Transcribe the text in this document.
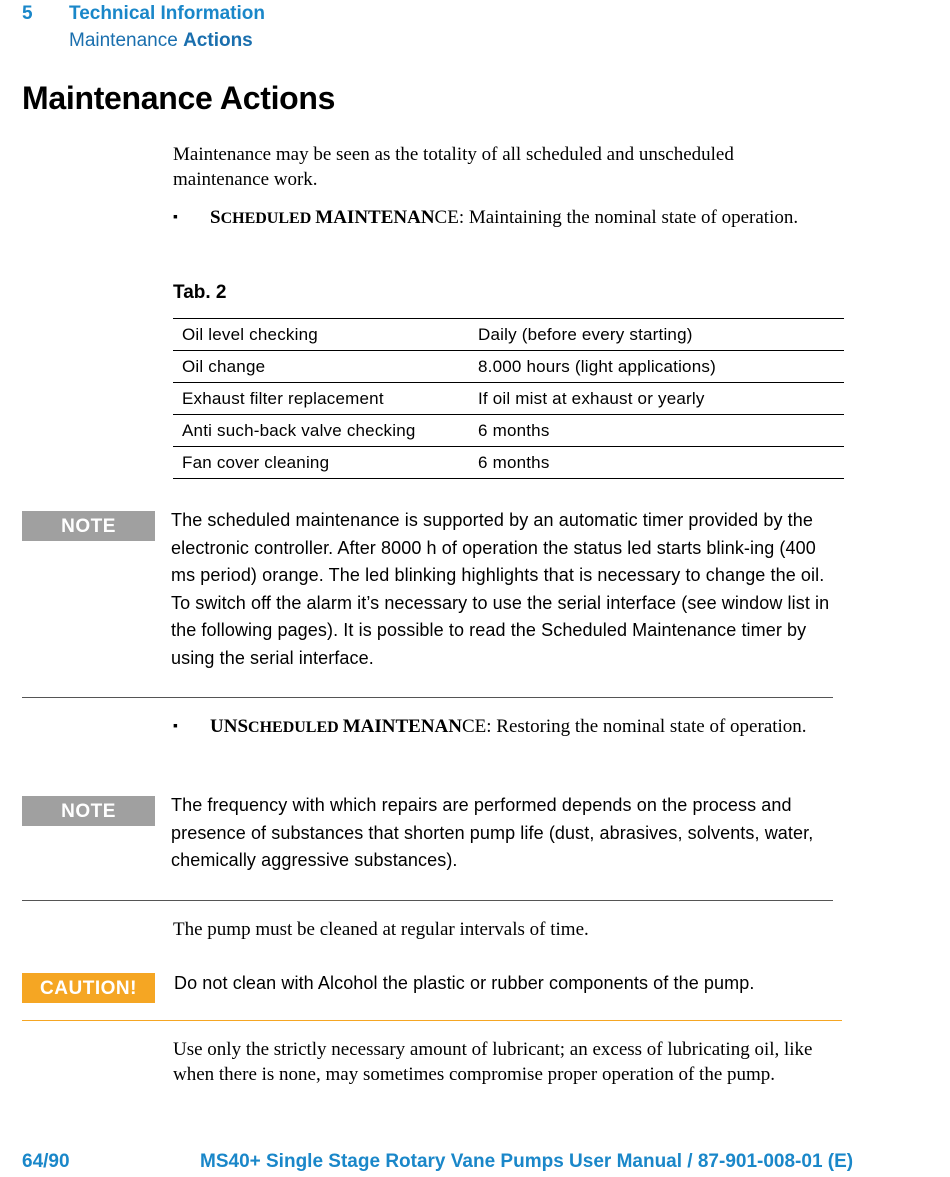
5 Technical Information
Maintenance Actions
Maintenance Actions
Maintenance may be seen as the totality of all scheduled and unscheduled maintenance work.
▪ SCHEDULED MAINTENANCE: Maintaining the nominal state of operation.
Tab. 2
Oil level checking	Daily (before every starting)
Oil change	8.000 hours (light applications)
Exhaust filter replacement	If oil mist at exhaust or yearly
Anti such-back valve checking	6 months
Fan cover cleaning	6 months
NOTE	The scheduled maintenance is supported by an automatic timer provided by the electronic controller. After 8000 h of operation the status led starts blink-ing (400 ms period) orange. The led blinking highlights that is necessary to change the oil. To switch off the alarm it’s necessary to use the serial interface (see window list in the following pages). It is possible to read the Scheduled Maintenance timer by using the serial interface.
▪ UNSCHEDULED MAINTENANCE: Restoring the nominal state of operation.
NOTE	The frequency with which repairs are performed depends on the process and presence of substances that shorten pump life (dust, abrasives, solvents, water, chemically aggressive substances).
The pump must be cleaned at regular intervals of time.
CAUTION!	Do not clean with Alcohol the plastic or rubber components of the pump.
Use only the strictly necessary amount of lubricant; an excess of lubricating oil, like when there is none, may sometimes compromise proper operation of the pump.
64/90	MS40+ Single Stage Rotary Vane Pumps User Manual / 87-901-008-01 (E)
